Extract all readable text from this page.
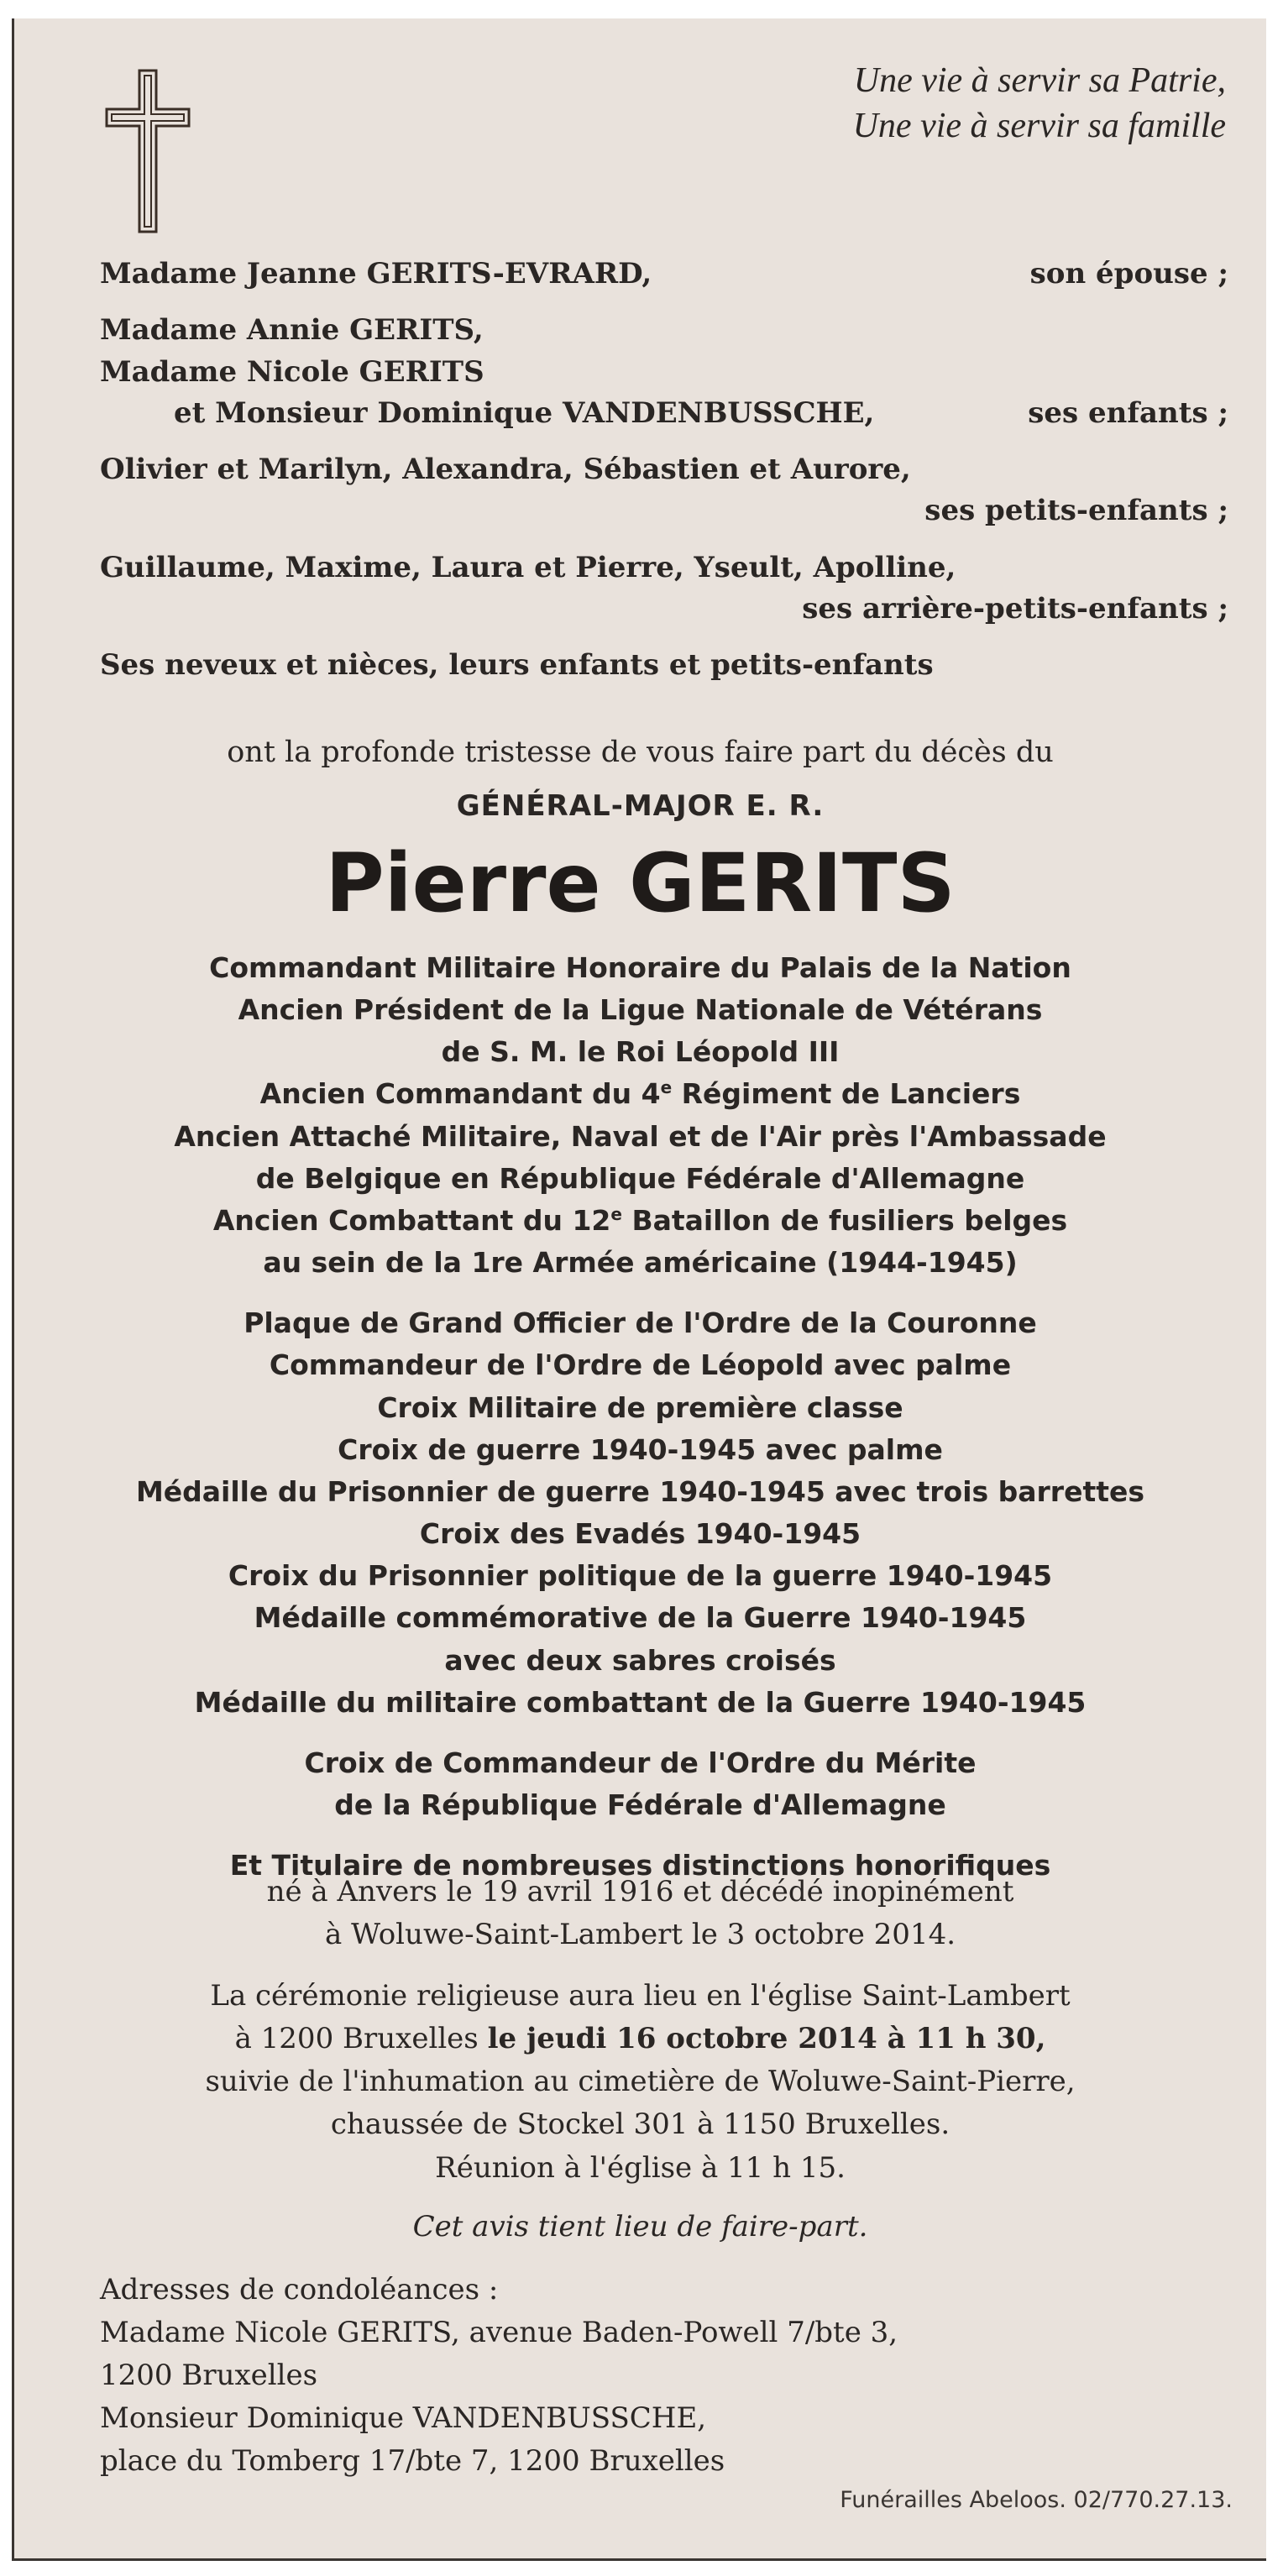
Une vie à servir sa Patrie,
Une vie à servir sa famille
Madame Jeanne GERITS-EVRARD,	son épouse ;
Madame Annie GERITS,
Madame Nicole GERITS
et Monsieur Dominique VANDENBUSSCHE,	ses enfants ;
Olivier et Marilyn, Alexandra, Sébastien et Aurore,
ses petits-enfants ;
Guillaume, Maxime, Laura et Pierre, Yseult, Apolline,
ses arrière-petits-enfants ;
Ses neveux et nièces, leurs enfants et petits-enfants
ont la profonde tristesse de vous faire part du décès du
GÉNÉRAL-MAJOR E. R.
Pierre GERITS
Commandant Militaire Honoraire du Palais de la Nation
Ancien Président de la Ligue Nationale de Vétérans
de S. M. le Roi Léopold III
Ancien Commandant du 4e Régiment de Lanciers
Ancien Attaché Militaire, Naval et de l'Air près l'Ambassade
de Belgique en République Fédérale d'Allemagne
Ancien Combattant du 12e Bataillon de fusiliers belges
au sein de la 1re Armée américaine (1944-1945)
Plaque de Grand Officier de l'Ordre de la Couronne
Commandeur de l'Ordre de Léopold avec palme
Croix Militaire de première classe
Croix de guerre 1940-1945 avec palme
Médaille du Prisonnier de guerre 1940-1945 avec trois barrettes
Croix des Evadés 1940-1945
Croix du Prisonnier politique de la guerre 1940-1945
Médaille commémorative de la Guerre 1940-1945
avec deux sabres croisés
Médaille du militaire combattant de la Guerre 1940-1945
Croix de Commandeur de l'Ordre du Mérite
de la République Fédérale d'Allemagne
Et Titulaire de nombreuses distinctions honorifiques
né à Anvers le 19 avril 1916 et décédé inopinément
à Woluwe-Saint-Lambert le 3 octobre 2014.
La cérémonie religieuse aura lieu en l'église Saint-Lambert
à 1200 Bruxelles le jeudi 16 octobre 2014 à 11 h 30,
suivie de l'inhumation au cimetière de Woluwe-Saint-Pierre,
chaussée de Stockel 301 à 1150 Bruxelles.
Réunion à l'église à 11 h 15.
Cet avis tient lieu de faire-part.
Adresses de condoléances :
Madame Nicole GERITS, avenue Baden-Powell 7/bte 3,
1200 Bruxelles
Monsieur Dominique VANDENBUSSCHE,
place du Tomberg 17/bte 7, 1200 Bruxelles
Funérailles Abeloos. 02/770.27.13.
